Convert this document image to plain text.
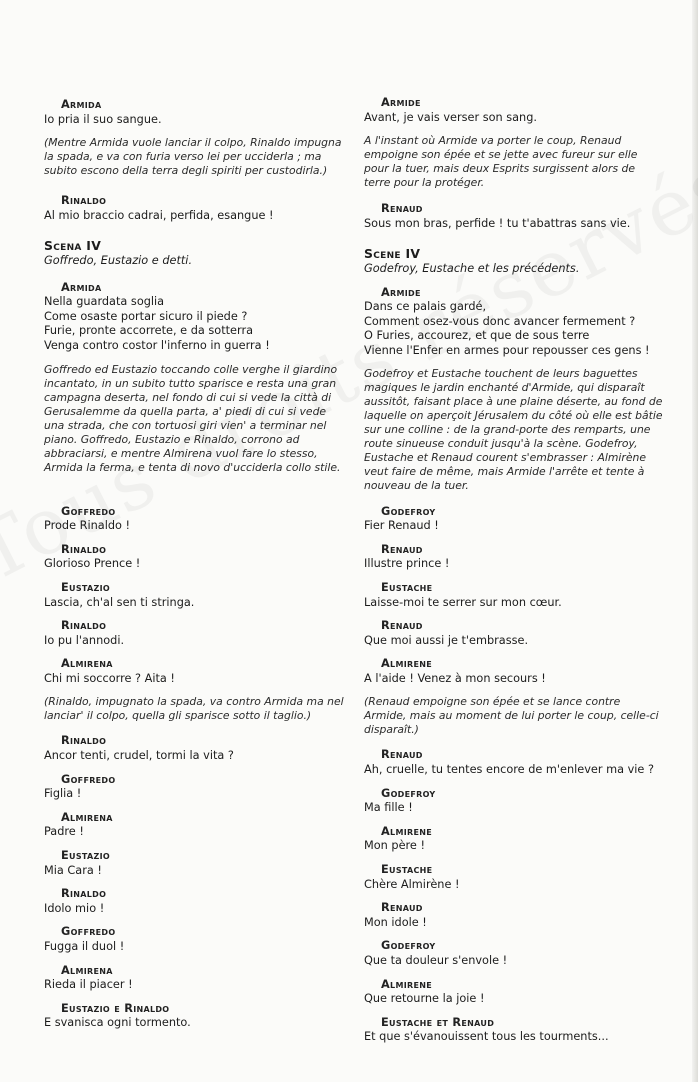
Armida
Io pria il suo sangue.
(Mentre Armida vuole lanciar il colpo, Rinaldo impugna la spada, e va con furia verso lei per ucciderla ; ma subito escono della terra degli spiriti per custodirla.)
Rinaldo
Al mio braccio cadrai, perfida, esangue !
Scena IV
Goffredo, Eustazio e detti.
Armida
Nella guardata soglia
Come osaste portar sicuro il piede ?
Furie, pronte accorrete, e da sotterra
Venga contro costor l'inferno in guerra !
Goffredo ed Eustazio toccando colle verghe il giardino incantato, in un subito tutto sparisce e resta una gran campagna deserta, nel fondo di cui si vede la città di Gerusalemme da quella parta, a' piedi di cui si vede una strada, che con tortuosi giri vien' a terminar nel piano. Goffredo, Eustazio e Rinaldo, corrono ad abbraciarsi, e mentre Almirena vuol fare lo stesso, Armida la ferma, e tenta di novo d'ucciderla collo stile.
Goffredo
Prode Rinaldo !
Rinaldo
Glorioso Prence !
Eustazio
Lascia, ch'al sen ti stringa.
Rinaldo
Io pu l'annodi.
Almirena
Chi mi soccorre ? Aita !
(Rinaldo, impugnato la spada, va contro Armida ma nel lanciar' il colpo, quella gli sparisce sotto il taglio.)
Rinaldo
Ancor tenti, crudel, tormi la vita ?
Goffredo
Figlia !
Almirena
Padre !
Eustazio
Mia Cara !
Rinaldo
Idolo mio !
Goffredo
Fugga il duol !
Almirena
Rieda il piacer !
Eustazio e Rinaldo
E svanisca ogni tormento.
Armide
Avant, je vais verser son sang.
A l'instant où Armide va porter le coup, Renaud empoigne son épée et se jette avec fureur sur elle pour la tuer, mais deux Esprits surgissent alors de terre pour la protéger.
Renaud
Sous mon bras, perfide ! tu t'abattras sans vie.
Scene IV
Godefroy, Eustache et les précédents.
Armide
Dans ce palais gardé,
Comment osez-vous donc avancer fermement ?
O Furies, accourez, et que de sous terre
Vienne l'Enfer en armes pour repousser ces gens !
Godefroy et Eustache touchent de leurs baguettes magiques le jardin enchanté d'Armide, qui disparaît aussitôt, faisant place à une plaine déserte, au fond de laquelle on aperçoit Jérusalem du côté où elle est bâtie sur une colline : de la grand-porte des remparts, une route sinueuse conduit jusqu'à la scène. Godefroy, Eustache et Renaud courent s'embrasser : Almirène veut faire de même, mais Armide l'arrête et tente à nouveau de la tuer.
Godefroy
Fier Renaud !
Renaud
Illustre prince !
Eustache
Laisse-moi te serrer sur mon cœur.
Renaud
Que moi aussi je t'embrasse.
Almirene
A l'aide ! Venez à mon secours !
(Renaud empoigne son épée et se lance contre Armide, mais au moment de lui porter le coup, celle-ci disparaît.)
Renaud
Ah, cruelle, tu tentes encore de m'enlever ma vie ?
Godefroy
Ma fille !
Almirene
Mon père !
Eustache
Chère Almirène !
Renaud
Mon idole !
Godefroy
Que ta douleur s'envole !
Almirene
Que retourne la joie !
Eustache et Renaud
Et que s'évanouissent tous les tourments...
